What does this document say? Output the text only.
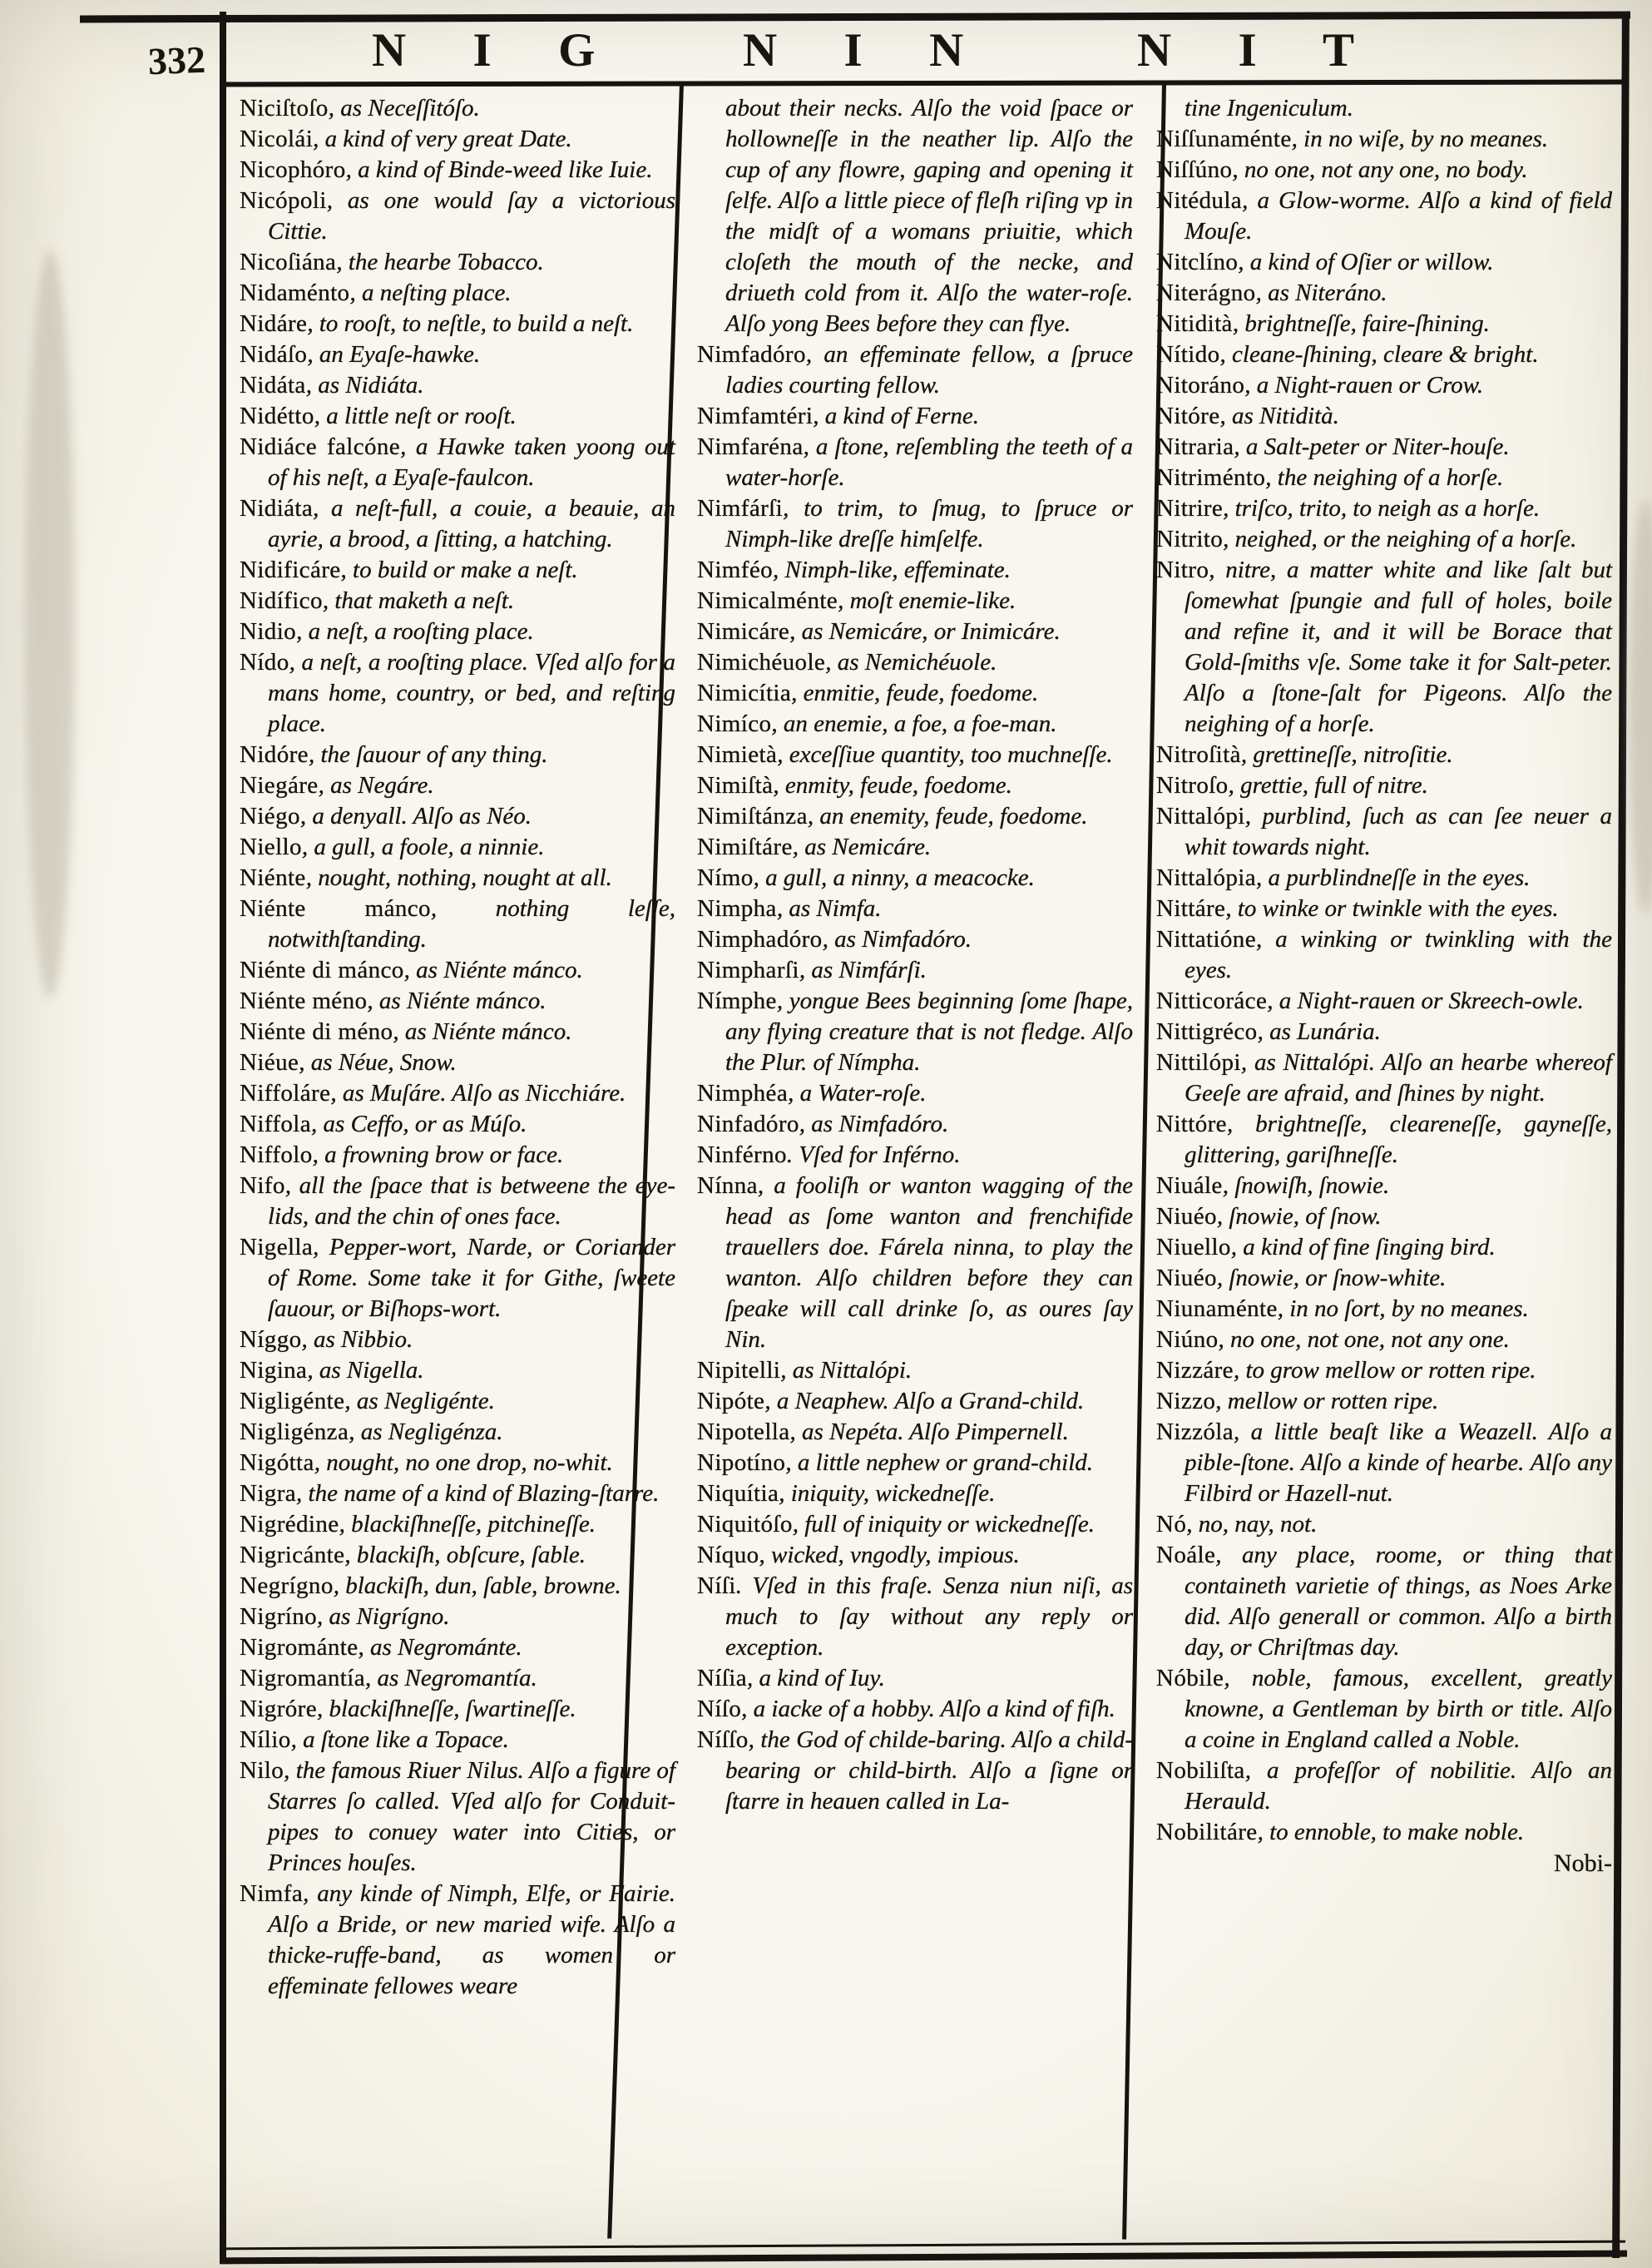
332	N I G	N I N	N I T

Niciſtoſo, as Neceſſitóſo.

Nicolái, a kind of very great Date.

Nicophóro, a kind of Binde-weed like Iuie.

Nicópoli, as one would ſay a victorious Cittie.

Nicoſiána, the hearbe Tobacco.

Nidaménto, a neſting place.

Nidáre, to rooſt, to neſtle, to build a neſt.

Nidáſo, an Eyaſe-hawke.

Nidáta, as Nidiáta.

Nidétto, a little neſt or rooſt.

Nidiáce falcóne, a Hawke taken yoong out of his neſt, a Eyaſe-faulcon.

Nidiáta, a neſt-full, a couie, a beauie, an ayrie, a brood, a ſitting, a hatching.

Nidificáre, to build or make a neſt.

Nidífico, that maketh a neſt.

Nidio, a neſt, a rooſting place.

Nído, a neſt, a rooſting place. Vſed alſo for a mans home, country, or bed, and reſting place.

Nidóre, the ſauour of any thing.

Niegáre, as Negáre.

Niégo, a denyall. Alſo as Néo.

Niello, a gull, a foole, a ninnie.

Niénte, nought, nothing, nought at all.

Niénte mánco, nothing leſſe, notwithſtanding.

Niénte di mánco, as Niénte mánco.

Niénte méno, as Niénte mánco.

Niénte di méno, as Niénte mánco.

Niéue, as Néue, Snow.

Niffoláre, as Muſáre. Alſo as Nicchiáre.

Niffola, as Ceffo, or as Múſo.

Niffolo, a frowning brow or face.

Nifo, all the ſpace that is betweene the eye-lids, and the chin of ones face.

Nigella, Pepper-wort, Narde, or Coriander of Rome. Some take it for Githe, ſweete ſauour, or Biſhops-wort.

Níggo, as Nibbio.

Nigina, as Nigella.

Nigligénte, as Negligénte.

Nigligénza, as Negligénza.

Nigótta, nought, no one drop, no-whit.

Nigra, the name of a kind of Blazing-ſtarre.

Nigrédine, blackiſhneſſe, pitchineſſe.

Nigricánte, blackiſh, obſcure, ſable.

Negrígno, blackiſh, dun, ſable, browne.

Nigríno, as Nigrígno.

Nigrománte, as Negrománte.

Nigromantía, as Negromantía.

Nigróre, blackiſhneſſe, ſwartineſſe.

Nílio, a ſtone like a Topace.

Nilo, the famous Riuer Nilus. Alſo a figure of Starres ſo called. Vſed alſo for Conduit-pipes to conuey water into Cities, or Princes houſes.

Nimfa, any kinde of Nimph, Elfe, or Fairie. Alſo a Bride, or new maried wife. Alſo a thicke-ruffe-band, as women or effeminate fellowes weare

about their necks. Alſo the void ſpace or hollowneſſe in the neather lip. Alſo the cup of any flowre, gaping and opening it ſelfe. Alſo a little piece of fleſh riſing vp in the midſt of a womans priuitie, which cloſeth the mouth of the necke, and driueth cold from it. Alſo the water-roſe. Alſo yong Bees before they can flye.

Nimfadóro, an effeminate fellow, a ſpruce ladies courting fellow.

Nimfamtéri, a kind of Ferne.

Nimfaréna, a ſtone, reſembling the teeth of a water-horſe.

Nimfárſi, to trim, to ſmug, to ſpruce or Nimph-like dreſſe himſelfe.

Nimféo, Nimph-like, effeminate.

Nimicalménte, moſt enemie-like.

Nimicáre, as Nemicáre, or Inimicáre.

Nimichéuole, as Nemichéuole.

Nimicítia, enmitie, feude, foedome.

Nimíco, an enemie, a foe, a foe-man.

Nimietà, exceſſiue quantity, too muchneſſe.

Nimiſtà, enmity, feude, foedome.

Nimiſtánza, an enemity, feude, foedome.

Nimiſtáre, as Nemicáre.

Nímo, a gull, a ninny, a meacocke.

Nimpha, as Nimfa.

Nimphadóro, as Nimfadóro.

Nimpharſi, as Nimfárſi.

Nímphe, yongue Bees beginning ſome ſhape, any flying creature that is not fledge. Alſo the Plur. of Nímpha.

Nimphéa, a Water-roſe.

Ninfadóro, as Nimfadóro.

Ninférno. Vſed for Inférno.

Nínna, a fooliſh or wanton wagging of the head as ſome wanton and frenchifide trauellers doe. Fárela ninna, to play the wanton. Alſo children before they can ſpeake will call drinke ſo, as oures ſay Nin.

Nipitelli, as Nittalópi.

Nipóte, a Neaphew. Alſo a Grand-child.

Nipotella, as Nepéta. Alſo Pimpernell.

Nipotíno, a little nephew or grand-child.

Niquítia, iniquity, wickedneſſe.

Niquitóſo, full of iniquity or wickedneſſe.

Níquo, wicked, vngodly, impious.

Níſi. Vſed in this fraſe. Senza niun niſi, as much to ſay without any reply or exception.

Níſia, a kind of Iuy.

Níſo, a iacke of a hobby. Alſo a kind of fiſh.

Níſſo, the God of childe-baring. Alſo a child-bearing or child-birth. Alſo a ſigne or ſtarre in heauen called in La-

tine Ingeniculum.

Niſſunaménte, in no wiſe, by no meanes.

Niſſúno, no one, not any one, no body.

Nitédula, a Glow-worme. Alſo a kind of field Mouſe.

Nitclíno, a kind of Oſier or willow.

Niterágno, as Niteráno.

Nitidità, brightneſſe, faire-ſhining.

Nítido, cleane-ſhining, cleare & bright.

Nitoráno, a Night-rauen or Crow.

Nitóre, as Nitidità.

Nitraria, a Salt-peter or Niter-houſe.

Nitriménto, the neighing of a horſe.

Nitrire, triſco, trito, to neigh as a horſe.

Nitrito, neighed, or the neighing of a horſe.

Nitro, nitre, a matter white and like ſalt but ſomewhat ſpungie and full of holes, boile and refine it, and it will be Borace that Gold-ſmiths vſe. Some take it for Salt-peter. Alſo a ſtone-ſalt for Pigeons. Alſo the neighing of a horſe.

Nitroſità, grettineſſe, nitroſitie.

Nitroſo, grettie, full of nitre.

Nittalópi, purblind, ſuch as can ſee neuer a whit towards night.

Nittalópia, a purblindneſſe in the eyes.

Nittáre, to winke or twinkle with the eyes.

Nittatióne, a winking or twinkling with the eyes.

Nitticoráce, a Night-rauen or Skreech-owle.

Nittigréco, as Lunária.

Nittilópi, as Nittalópi. Alſo an hearbe whereof Geeſe are afraid, and ſhines by night.

Nittóre, brightneſſe, cleareneſſe, gayneſſe, glittering, gariſhneſſe.

Niuále, ſnowiſh, ſnowie.

Niuéo, ſnowie, of ſnow.

Niuello, a kind of fine ſinging bird.

Niuéo, ſnowie, or ſnow-white.

Niunaménte, in no ſort, by no meanes.

Niúno, no one, not one, not any one.

Nizzáre, to grow mellow or rotten ripe.

Nizzo, mellow or rotten ripe.

Nizzóla, a little beaſt like a Weazell. Alſo a pible-ſtone. Alſo a kinde of hearbe. Alſo any Filbird or Hazell-nut.

Nó, no, nay, not.

Noále, any place, roome, or thing that containeth varietie of things, as Noes Arke did. Alſo generall or common. Alſo a birth day, or Chriſtmas day.

Nóbile, noble, famous, excellent, greatly knowne, a Gentleman by birth or title. Alſo a coine in England called a Noble.

Nobiliſta, a profeſſor of nobilitie. Alſo an Herauld.

Nobilitáre, to ennoble, to make noble.

Nobi-
